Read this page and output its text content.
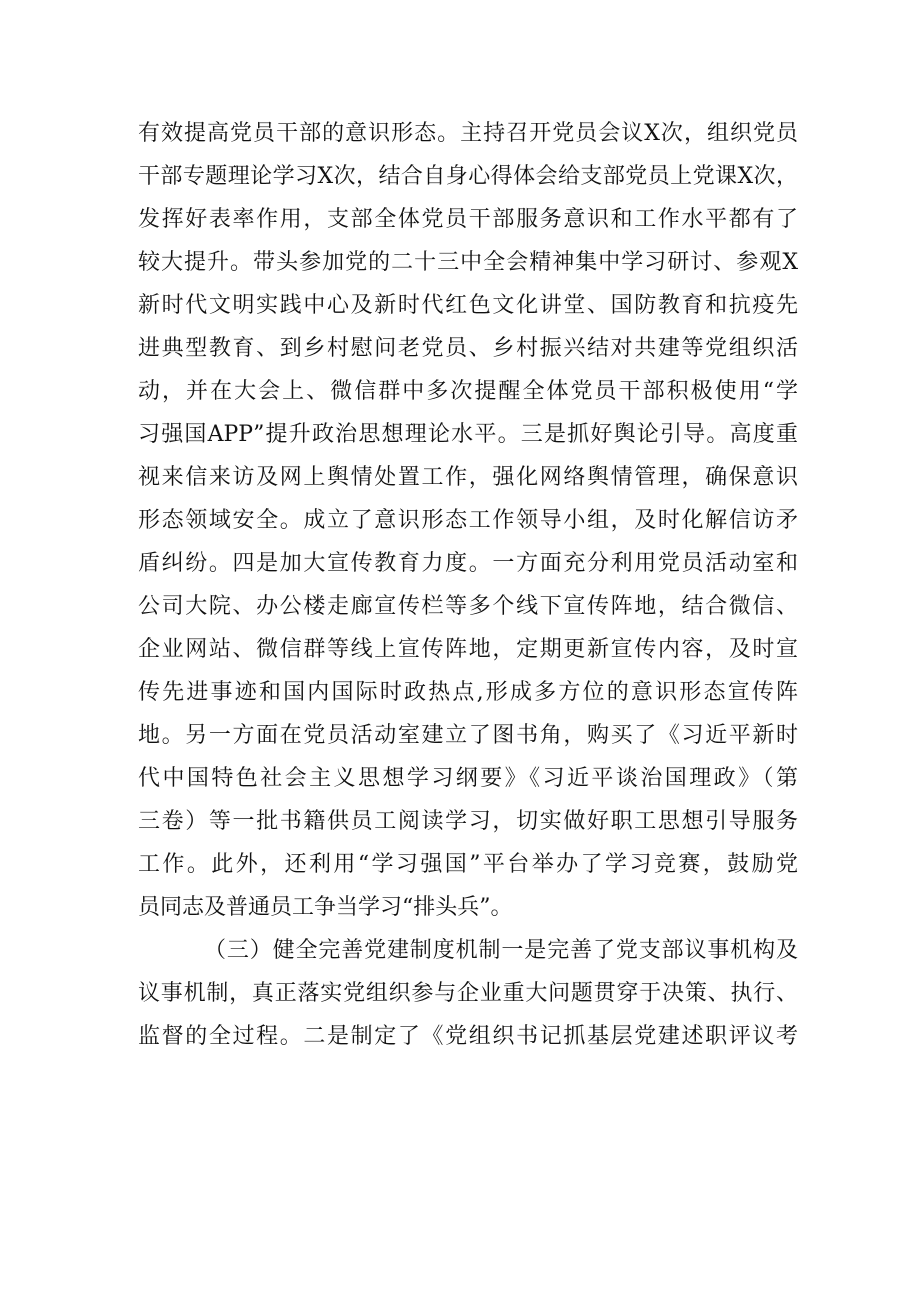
有效提高党员干部的意识形态。主持召开党员会议X次，组织党员
干部专题理论学习X次，结合自身心得体会给支部党员上党课X次，
发挥好表率作用，支部全体党员干部服务意识和工作水平都有了
较大提升。带头参加党的二十三中全会精神集中学习研讨、参观X
新时代文明实践中心及新时代红色文化讲堂、国防教育和抗疫先
进典型教育、到乡村慰问老党员、乡村振兴结对共建等党组织活
动，并在大会上、微信群中多次提醒全体党员干部积极使用“学
习强国APP”提升政治思想理论水平。三是抓好舆论引导。高度重
视来信来访及网上舆情处置工作，强化网络舆情管理，确保意识
形态领域安全。成立了意识形态工作领导小组，及时化解信访矛
盾纠纷。四是加大宣传教育力度。一方面充分利用党员活动室和
公司大院、办公楼走廊宣传栏等多个线下宣传阵地，结合微信、
企业网站、微信群等线上宣传阵地，定期更新宣传内容，及时宣
传先进事迹和国内国际时政热点,形成多方位的意识形态宣传阵
地。另一方面在党员活动室建立了图书角，购买了《习近平新时
代中国特色社会主义思想学习纲要》《习近平谈治国理政》（第
三卷）等一批书籍供员工阅读学习，切实做好职工思想引导服务
工作。此外，还利用“学习强国”平台举办了学习竞赛，鼓励党
员同志及普通员工争当学习“排头兵”。
（三）健全完善党建制度机制一是完善了党支部议事机构及
议事机制，真正落实党组织参与企业重大问题贯穿于决策、执行、
监督的全过程。二是制定了《党组织书记抓基层党建述职评议考
